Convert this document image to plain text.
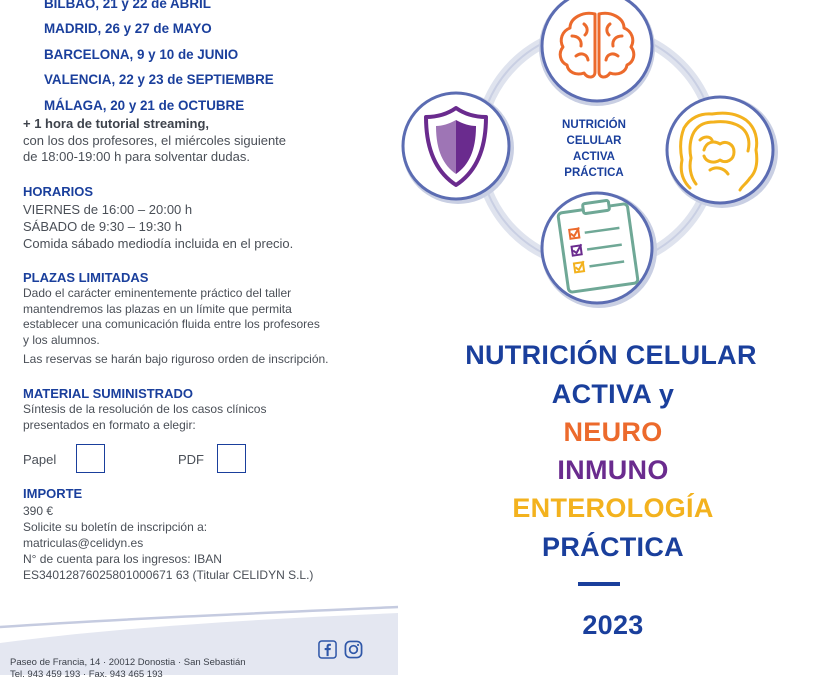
BILBAO, 21 y 22 de ABRIL
MADRID, 26 y 27 de MAYO
BARCELONA, 9 y 10 de JUNIO
VALENCIA, 22 y 23 de SEPTIEMBRE
MÁLAGA, 20 y 21 de OCTUBRE
+ 1 hora de tutorial streaming,
con los dos profesores, el miércoles siguiente
de 18:00-19:00 h para solventar dudas.
HORARIOS
VIERNES de 16:00 – 20:00 h
SÁBADO de 9:30 – 19:30 h
Comida sábado mediodía incluida en el precio.
PLAZAS LIMITADAS
Dado el carácter eminentemente práctico del taller
mantendremos las plazas en un límite que permita
establecer una comunicación fluida entre los profesores
y los alumnos.
Las reservas se harán bajo riguroso orden de inscripción.
MATERIAL SUMINISTRADO
Síntesis de la resolución de los casos clínicos
presentados en formato a elegir:
Papel	PDF
IMPORTE
390 €
Solicite su boletín de inscripción a:
matriculas@celidyn.es
N° de cuenta para los ingresos: IBAN
ES34012876025801000671 63 (Titular CELIDYN S.L.)
Paseo de Francia, 14 · 20012 Donostia · San Sebastián
Tel. 943 459 193 · Fax. 943 465 193
NUTRICIÓN
CELULAR
ACTIVA
PRÁCTICA
NUTRICIÓN CELULAR
ACTIVA y
NEURO
INMUNO
ENTEROLOGÍA
PRÁCTICA
2023
